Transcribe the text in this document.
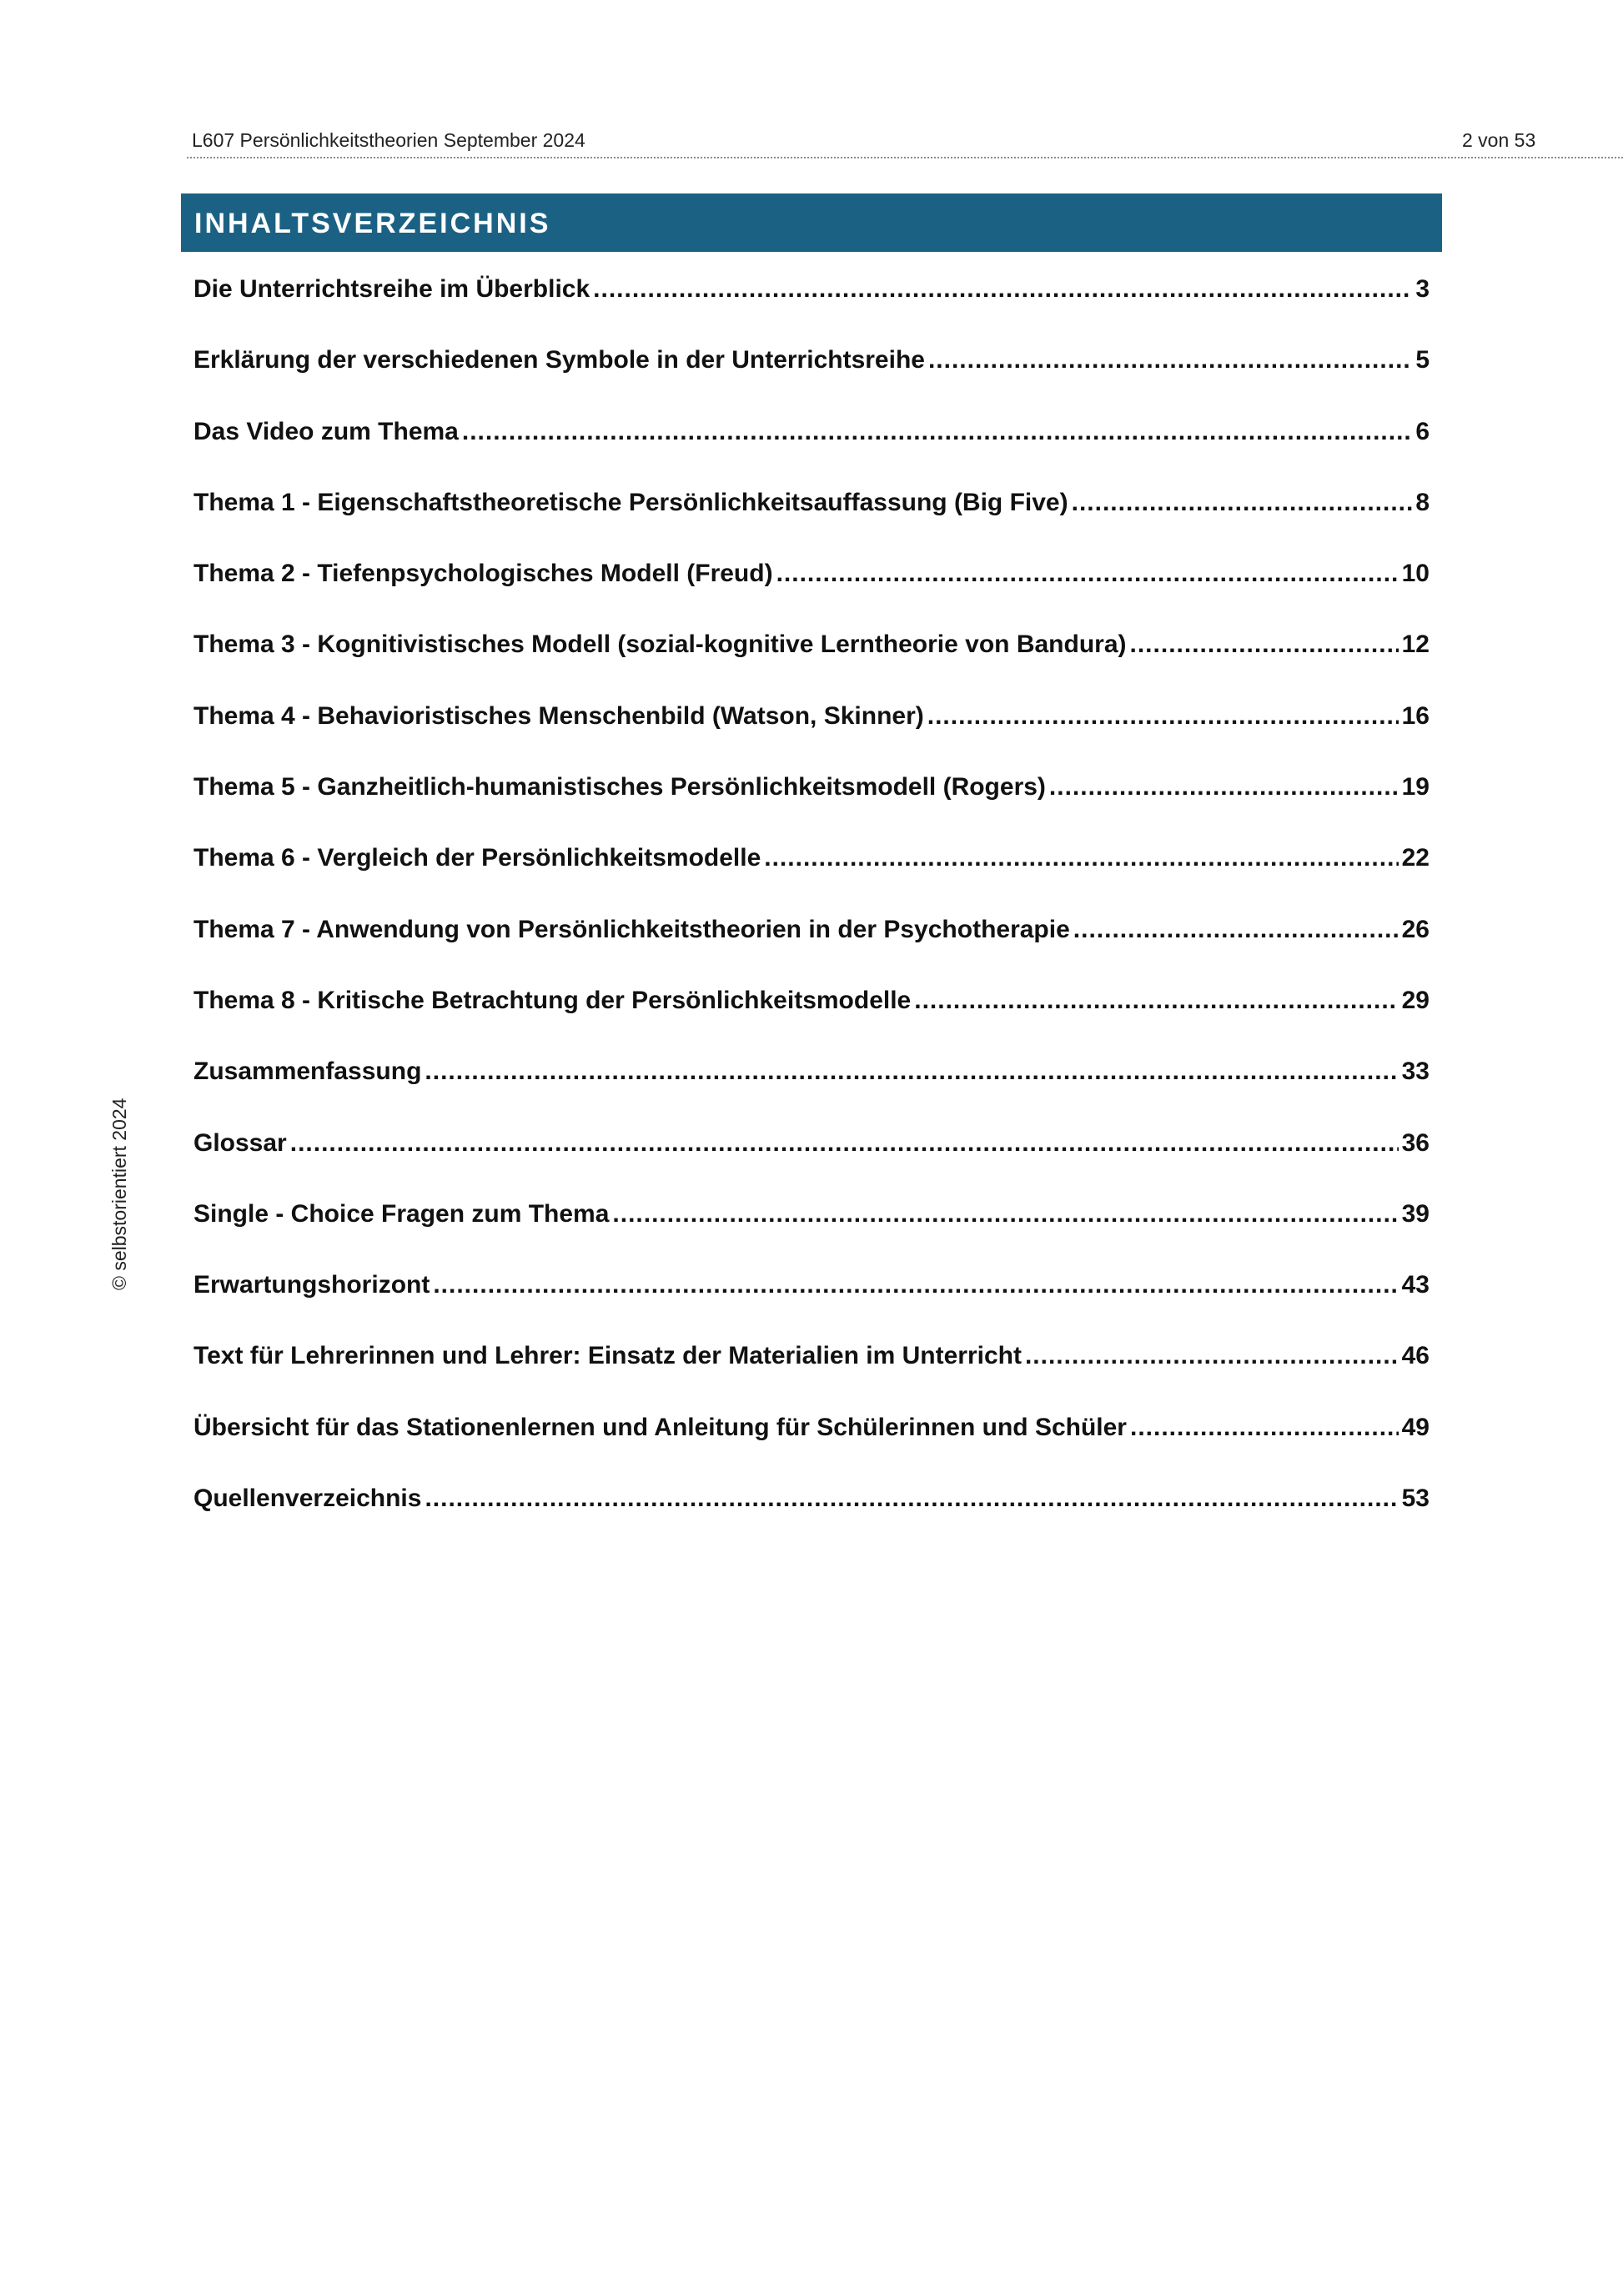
L607 Persönlichkeitstheorien September 2024	2 von 53
INHALTSVERZEICHNIS
Die Unterrichtsreihe im Überblick .....	3
Erklärung der verschiedenen Symbole in der Unterrichtsreihe .....	5
Das Video zum Thema .....	6
Thema 1 - Eigenschaftstheoretische Persönlichkeitsauffassung (Big Five) .....	8
Thema 2 - Tiefenpsychologisches Modell (Freud) .....	10
Thema 3 - Kognitivistisches Modell (sozial-kognitive Lerntheorie von Bandura) .....	12
Thema 4 - Behavioristisches Menschenbild (Watson, Skinner) .....	16
Thema 5 - Ganzheitlich-humanistisches Persönlichkeitsmodell (Rogers) .....	19
Thema 6 - Vergleich der Persönlichkeitsmodelle .....	22
Thema 7 - Anwendung von Persönlichkeitstheorien in der Psychotherapie .....	26
Thema 8 - Kritische Betrachtung der Persönlichkeitsmodelle .....	29
Zusammenfassung .....	33
Glossar .....	36
Single - Choice Fragen zum Thema .....	39
Erwartungshorizont .....	43
Text für Lehrerinnen und Lehrer: Einsatz der Materialien im Unterricht .....	46
Übersicht für das Stationenlernen und Anleitung für Schülerinnen und Schüler .....	49
Quellenverzeichnis .....	53
© selbstorientiert 2024
